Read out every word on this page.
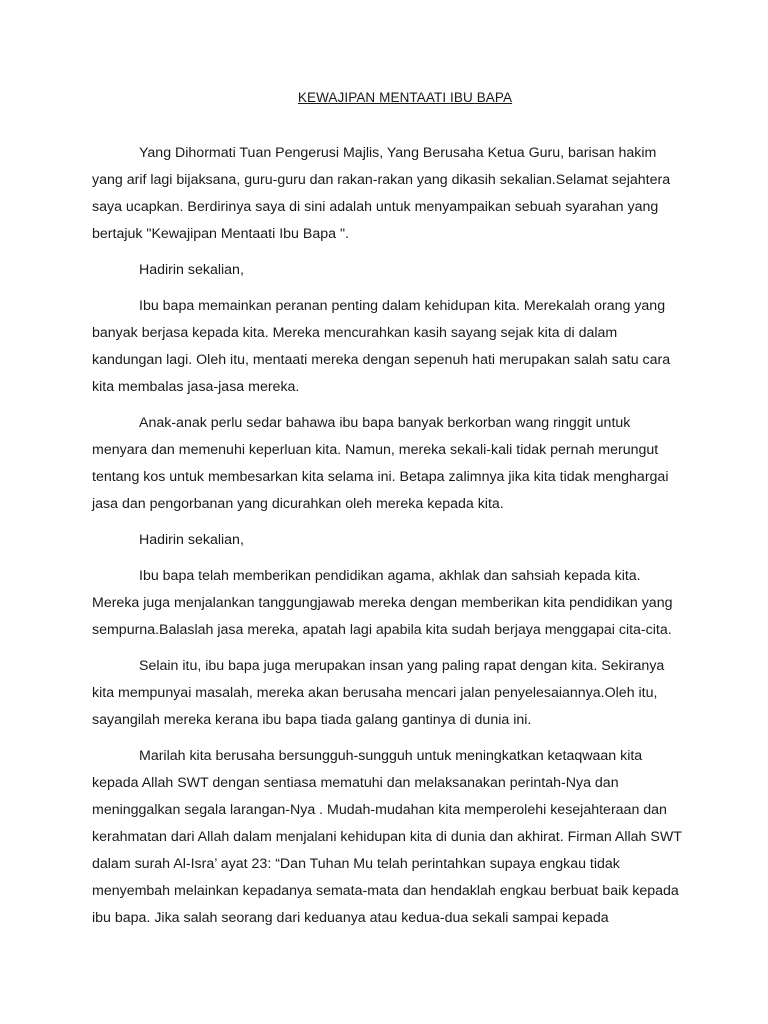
KEWAJIPAN MENTAATI IBU BAPA

Yang Dihormati Tuan Pengerusi Majlis, Yang Berusaha Ketua Guru, barisan hakim yang arif lagi bijaksana, guru-guru dan rakan-rakan yang dikasih sekalian.Selamat sejahtera saya ucapkan. Berdirinya saya di sini adalah untuk menyampaikan sebuah syarahan yang bertajuk "Kewajipan Mentaati Ibu Bapa ".

Hadirin sekalian,

Ibu bapa memainkan peranan penting dalam kehidupan kita. Merekalah orang yang banyak berjasa kepada kita. Mereka mencurahkan kasih sayang sejak kita di dalam kandungan lagi. Oleh itu, mentaati mereka dengan sepenuh hati merupakan salah satu cara kita membalas jasa-jasa mereka.

Anak-anak perlu sedar bahawa ibu bapa banyak berkorban wang ringgit untuk menyara dan memenuhi keperluan kita. Namun, mereka sekali-kali tidak pernah merungut tentang kos untuk membesarkan kita selama ini. Betapa zalimnya jika kita tidak menghargai jasa dan pengorbanan yang dicurahkan oleh mereka kepada kita.

Hadirin sekalian,

Ibu bapa telah memberikan pendidikan agama, akhlak dan sahsiah kepada kita. Mereka juga menjalankan tanggungjawab mereka dengan memberikan kita pendidikan yang sempurna.Balaslah jasa mereka, apatah lagi apabila kita sudah berjaya menggapai cita-cita.

Selain itu, ibu bapa juga merupakan insan yang paling rapat dengan kita. Sekiranya kita mempunyai masalah, mereka akan berusaha mencari jalan penyelesaiannya.Oleh itu, sayangilah mereka kerana ibu bapa tiada galang gantinya di dunia ini.

Marilah kita berusaha bersungguh-sungguh untuk meningkatkan ketaqwaan kita kepada Allah SWT dengan sentiasa mematuhi dan melaksanakan perintah-Nya dan meninggalkan segala larangan-Nya . Mudah-mudahan kita memperolehi kesejahteraan dan kerahmatan dari Allah dalam menjalani kehidupan kita di dunia dan akhirat. Firman Allah SWT dalam surah Al-Isra’ ayat 23: “Dan Tuhan Mu telah perintahkan supaya engkau tidak menyembah melainkan kepadanya semata-mata dan hendaklah engkau berbuat baik kepada ibu bapa. Jika salah seorang dari keduanya atau kedua-dua sekali sampai kepada
